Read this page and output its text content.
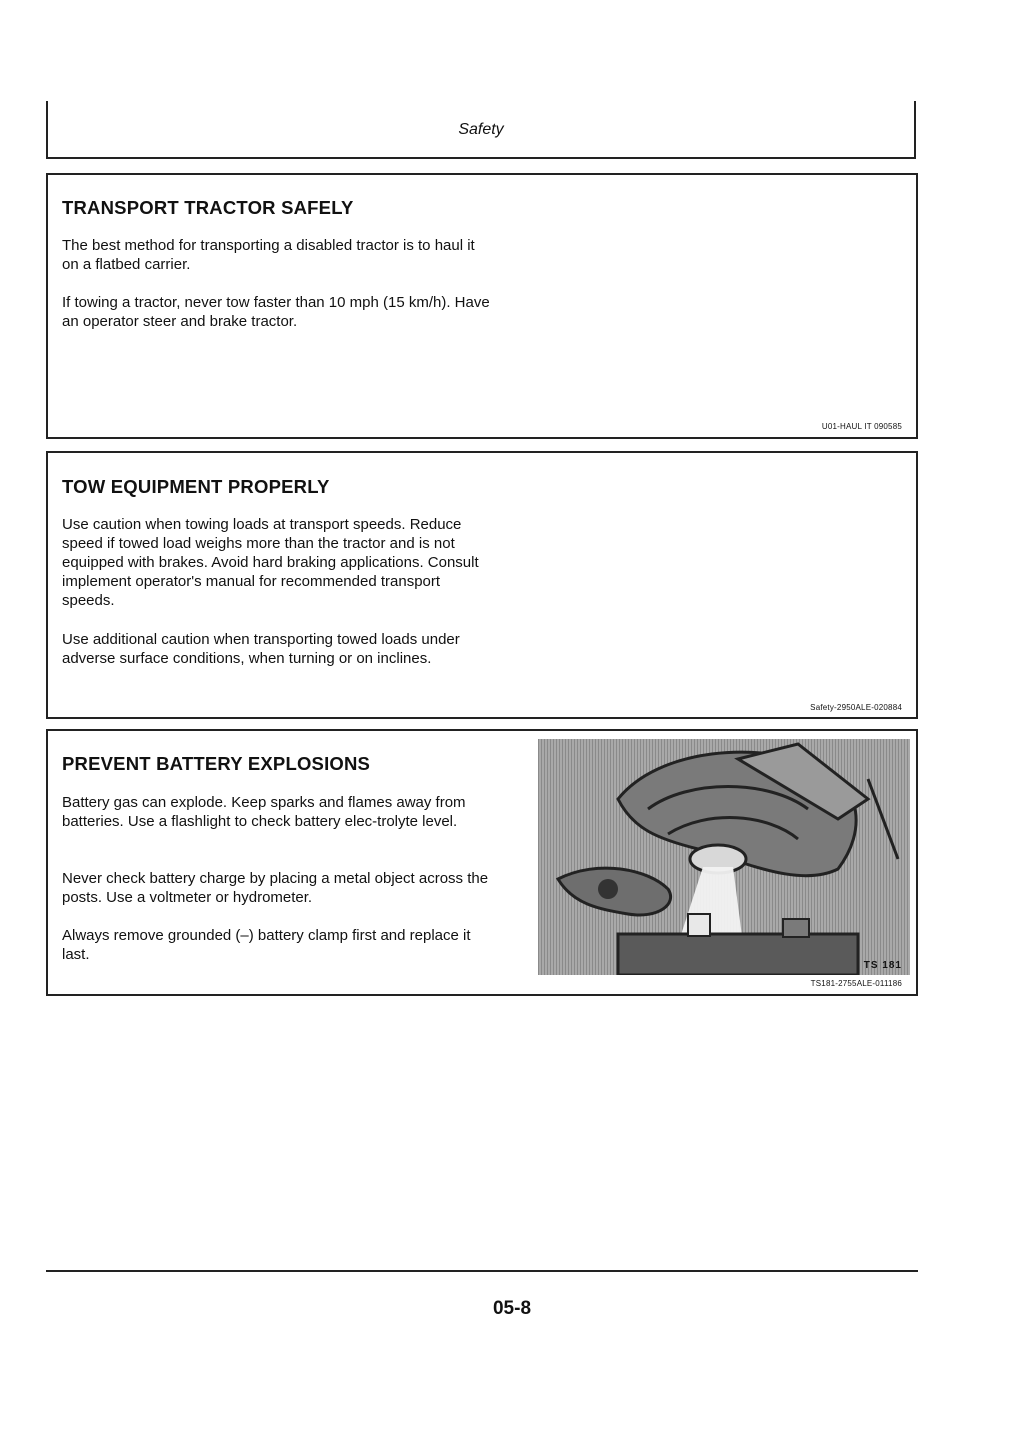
Safety
TRANSPORT TRACTOR SAFELY

The best method for transporting a disabled tractor is to haul it on a flatbed carrier.

If towing a tractor, never tow faster than 10 mph (15 km/h). Have an operator steer and brake tractor.

U01-HAUL IT 090585
TOW EQUIPMENT PROPERLY

Use caution when towing loads at transport speeds. Reduce speed if towed load weighs more than the tractor and is not equipped with brakes. Avoid hard braking applications. Consult implement operator's manual for recommended transport speeds.

Use additional caution when transporting towed loads under adverse surface conditions, when turning or on inclines.

Safety-2950ALE-020884
PREVENT BATTERY EXPLOSIONS

Battery gas can explode. Keep sparks and flames away from batteries. Use a flashlight to check battery elec-trolyte level.

Never check battery charge by placing a metal object across the posts. Use a voltmeter or hydrometer.

Always remove grounded (–) battery clamp first and replace it last.

TS 181
TS181-2755ALE-011186
05-8
